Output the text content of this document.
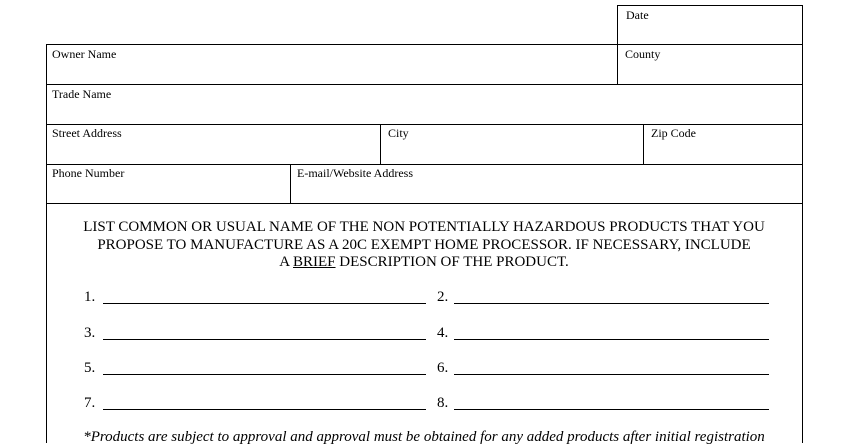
Date
Owner Name	County
Trade Name
Street Address	City	Zip Code
Phone Number	E-mail/Website Address
LIST COMMON OR USUAL NAME OF THE NON POTENTIALLY HAZARDOUS PRODUCTS THAT YOU
PROPOSE TO MANUFACTURE AS A 20C EXEMPT HOME PROCESSOR. IF NECESSARY, INCLUDE
A BRIEF DESCRIPTION OF THE PRODUCT.
1.	2.
3.	4.
5.	6.
7.	8.
*Products are subject to approval and approval must be obtained for any added products after initial registration
